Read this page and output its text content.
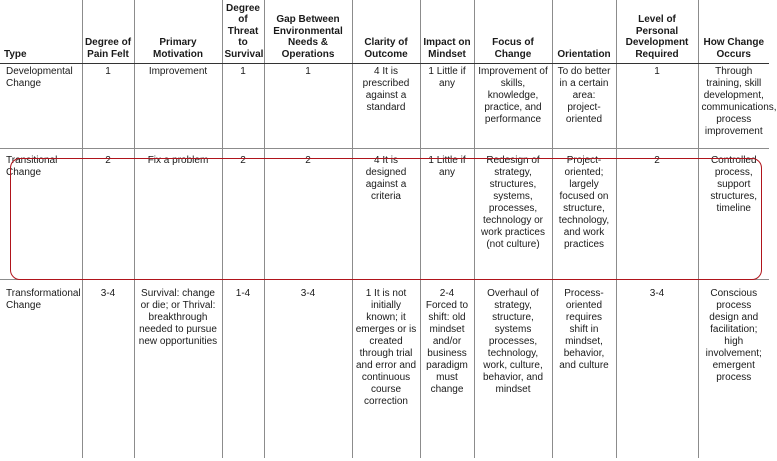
Type	Degree of Pain Felt	Primary Motivation	Degree of Threat to Survival	Gap Between Environmental Needs & Operations	Clarity of Outcome	Impact on Mindset	Focus of Change	Orientation	Level of Personal Development Required	How Change Occurs
Developmental Change	1	Improvement	1	1	4 It is prescribed against a standard	1 Little if any	Improvement of skills, knowledge, practice, and performance	To do better in a certain area: project-oriented	1	Through training, skill development, communications, process improvement
Transitional Change	2	Fix a problem	2	2	4 It is designed against a criteria	1 Little if any	Redesign of strategy, structures, systems, processes, technology or work practices (not culture)	Project-oriented; largely focused on structure, technology, and work practices	2	Controlled process, support structures, timeline
Transformational Change	3-4	Survival: change or die; or Thrival: breakthrough needed to pursue new opportunities	1-4	3-4	1 It is not initially known; it emerges or is created through trial and error and continuous course correction	2-4 Forced to shift: old mindset and/or business paradigm must change	Overhaul of strategy, structure, systems processes, technology, work, culture, behavior, and mindset	Process-oriented requires shift in mindset, behavior, and culture	3-4	Conscious process design and facilitation; high involvement; emergent process
